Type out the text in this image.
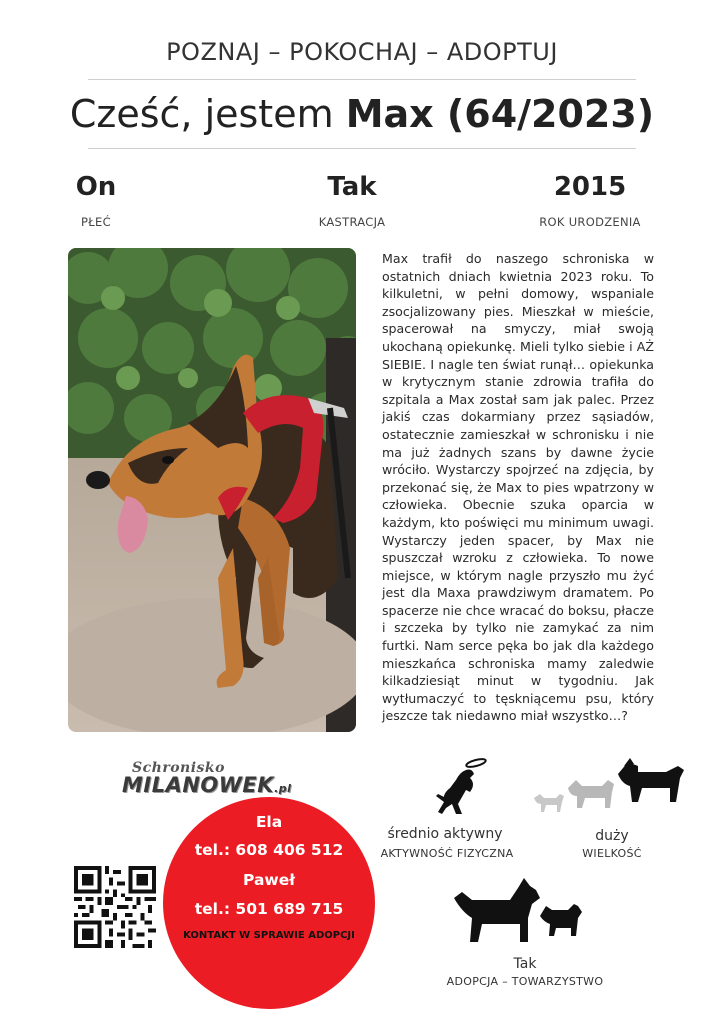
POZNAJ – POKOCHAJ – ADOPTUJ
Cześć, jestem Max (64/2023)
On
PŁEĆ
Tak
KASTRACJA
2015
ROK URODZENIA
Max trafił do naszego schroniska w ostatnich dniach kwietnia 2023 roku. To kilkuletni, w pełni domowy, wspaniale zsocjalizowany pies. Mieszkał w mieście, spacerował na smyczy, miał swoją ukochaną opiekunkę. Mieli tylko siebie i AŻ SIEBIE. I nagle ten świat runął… opiekunka w krytycznym stanie zdrowia trafiła do szpitala a Max został sam jak palec. Przez jakiś czas dokarmiany przez sąsiadów, ostatecznie zamieszkał w schronisku i nie ma już żadnych szans by dawne życie wróciło. Wystarczy spojrzeć na zdjęcia, by przekonać się, że Max to pies wpatrzony w człowieka. Obecnie szuka oparcia w każdym, kto poświęci mu minimum uwagi. Wystarczy jeden spacer, by Max nie spuszczał wzroku z człowieka. To nowe miejsce, w którym nagle przyszło mu żyć jest dla Maxa prawdziwym dramatem. Po spacerze nie chce wracać do boksu, płacze i szczeka by tylko nie zamykać za nim furtki. Nam serce pęka bo jak dla każdego mieszkańca schroniska mamy zaledwie kilkadziesiąt minut w tygodniu. Jak wytłumaczyć to tęskniącemu psu, który jeszcze tak niedawno miał wszystko…?
Schronisko
MILANOWEK.pl
Ela
tel.: 608 406 512
Paweł
tel.: 501 689 715
KONTAKT W SPRAWIE ADOPCJI
średnio aktywny
AKTYWNOŚĆ FIZYCZNA
duży
WIELKOŚĆ
Tak
ADOPCJA – TOWARZYSTWO
